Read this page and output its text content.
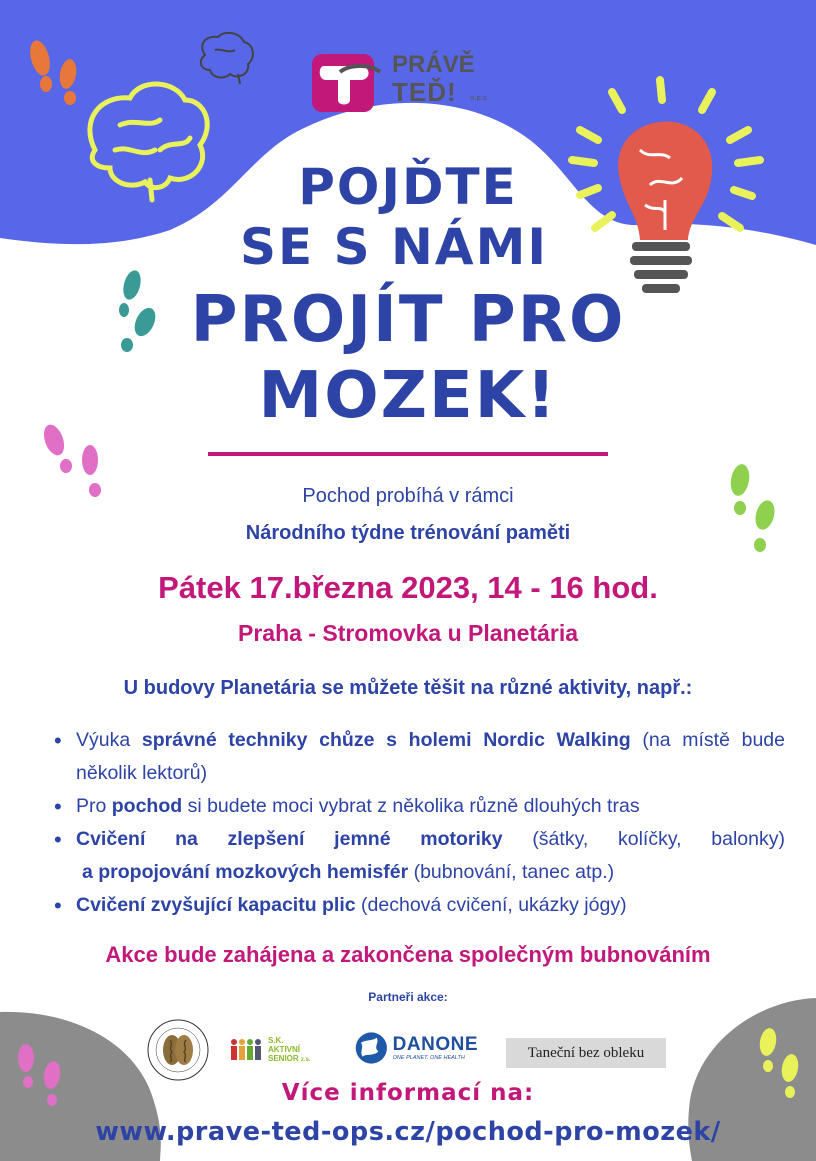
PRÁVĚ
TEĎ! o.p.s.
POJĎTE
SE S NÁMI
PROJÍT PRO
MOZEK!
Pochod probíhá v rámci
Národního týdne trénování paměti
Pátek 17.března 2023, 14 - 16 hod.
Praha - Stromovka u Planetária
U budovy Planetária se můžete těšit na různé aktivity, např.:
• Výuka správné techniky chůze s holemi Nordic Walking (na místě bude několik lektorů)
• Pro pochod si budete moci vybrat z několika různě dlouhých tras
• Cvičení na zlepšení jemné motoriky (šátky, kolíčky, balonky)
a propojování mozkových hemisfér (bubnování, tanec atp.)
• Cvičení zvyšující kapacitu plic (dechová cvičení, ukázky jógy)
Akce bude zahájena a zakončena společným bubnováním
Partneři akce:
S.K.
AKTIVNÍ
SENIOR z.s.
DANONE
ONE PLANET. ONE HEALTH	Taneční bez obleku
Více informací na:
www.prave-ted-ops.cz/pochod-pro-mozek/
